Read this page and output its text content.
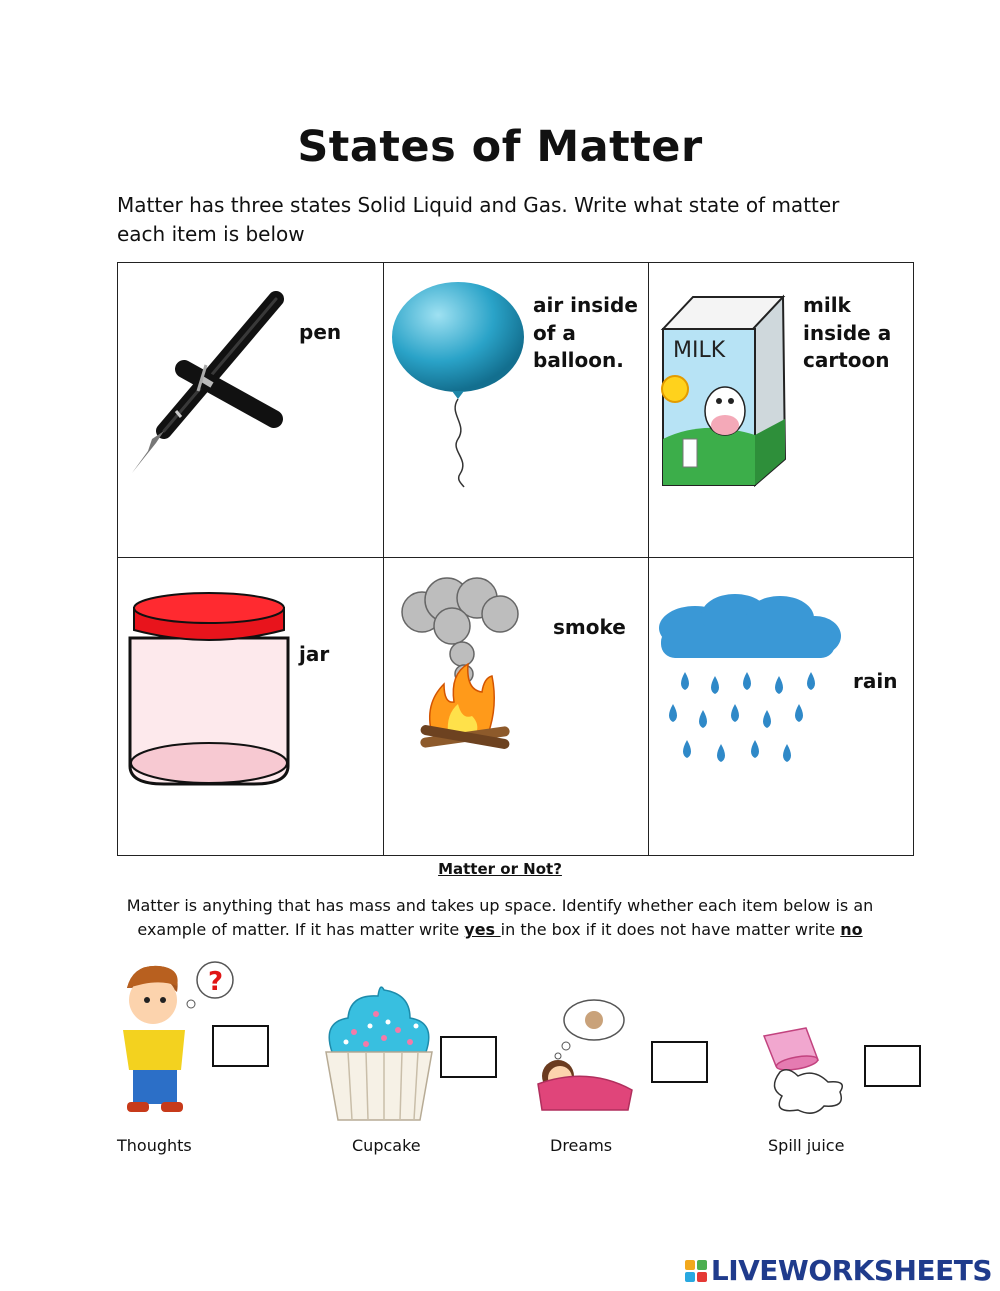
States of Matter
Matter has three states Solid Liquid and Gas. Write what state of matter each item is below
pen
air inside of a balloon.	MILK
milk inside a cartoon
jar
smoke
rain
Matter or Not?
Matter is anything that has mass and takes up space. Identify whether each item below is an example of matter. If it has matter write yes in the box if it does not have matter write no
?
Thoughts	Cupcake	Dreams	Spill juice
LIVEWORKSHEETS
